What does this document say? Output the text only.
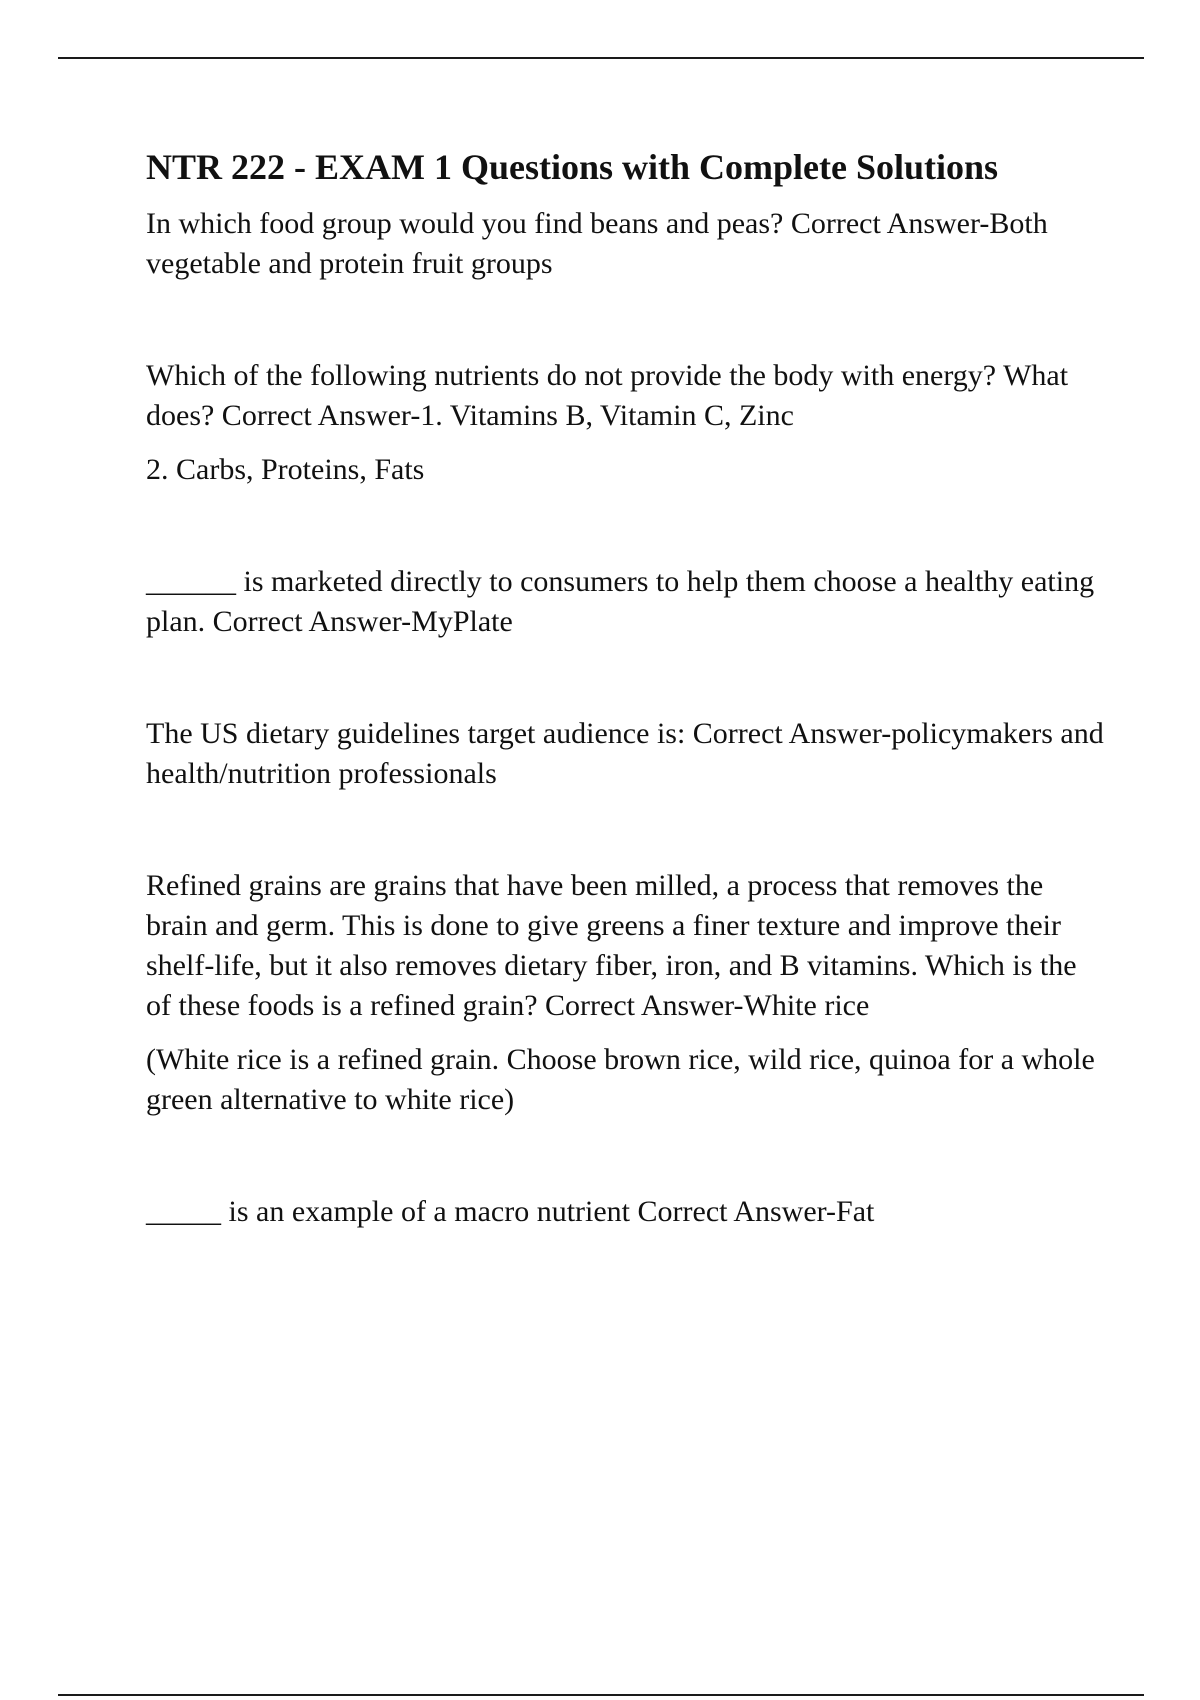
NTR 222 - EXAM 1 Questions with Complete Solutions

In which food group would you find beans and peas? Correct Answer-Both vegetable and protein fruit groups

Which of the following nutrients do not provide the body with energy? What does? Correct Answer-1. Vitamins B, Vitamin C, Zinc

2. Carbs, Proteins, Fats

______ is marketed directly to consumers to help them choose a healthy eating plan. Correct Answer-MyPlate

The US dietary guidelines target audience is: Correct Answer-policymakers and health/nutrition professionals

Refined grains are grains that have been milled, a process that removes the brain and germ. This is done to give greens a finer texture and improve their shelf-life, but it also removes dietary fiber, iron, and B vitamins. Which is the of these foods is a refined grain? Correct Answer-White rice

(White rice is a refined grain. Choose brown rice, wild rice, quinoa for a whole green alternative to white rice)

_____ is an example of a macro nutrient Correct Answer-Fat
